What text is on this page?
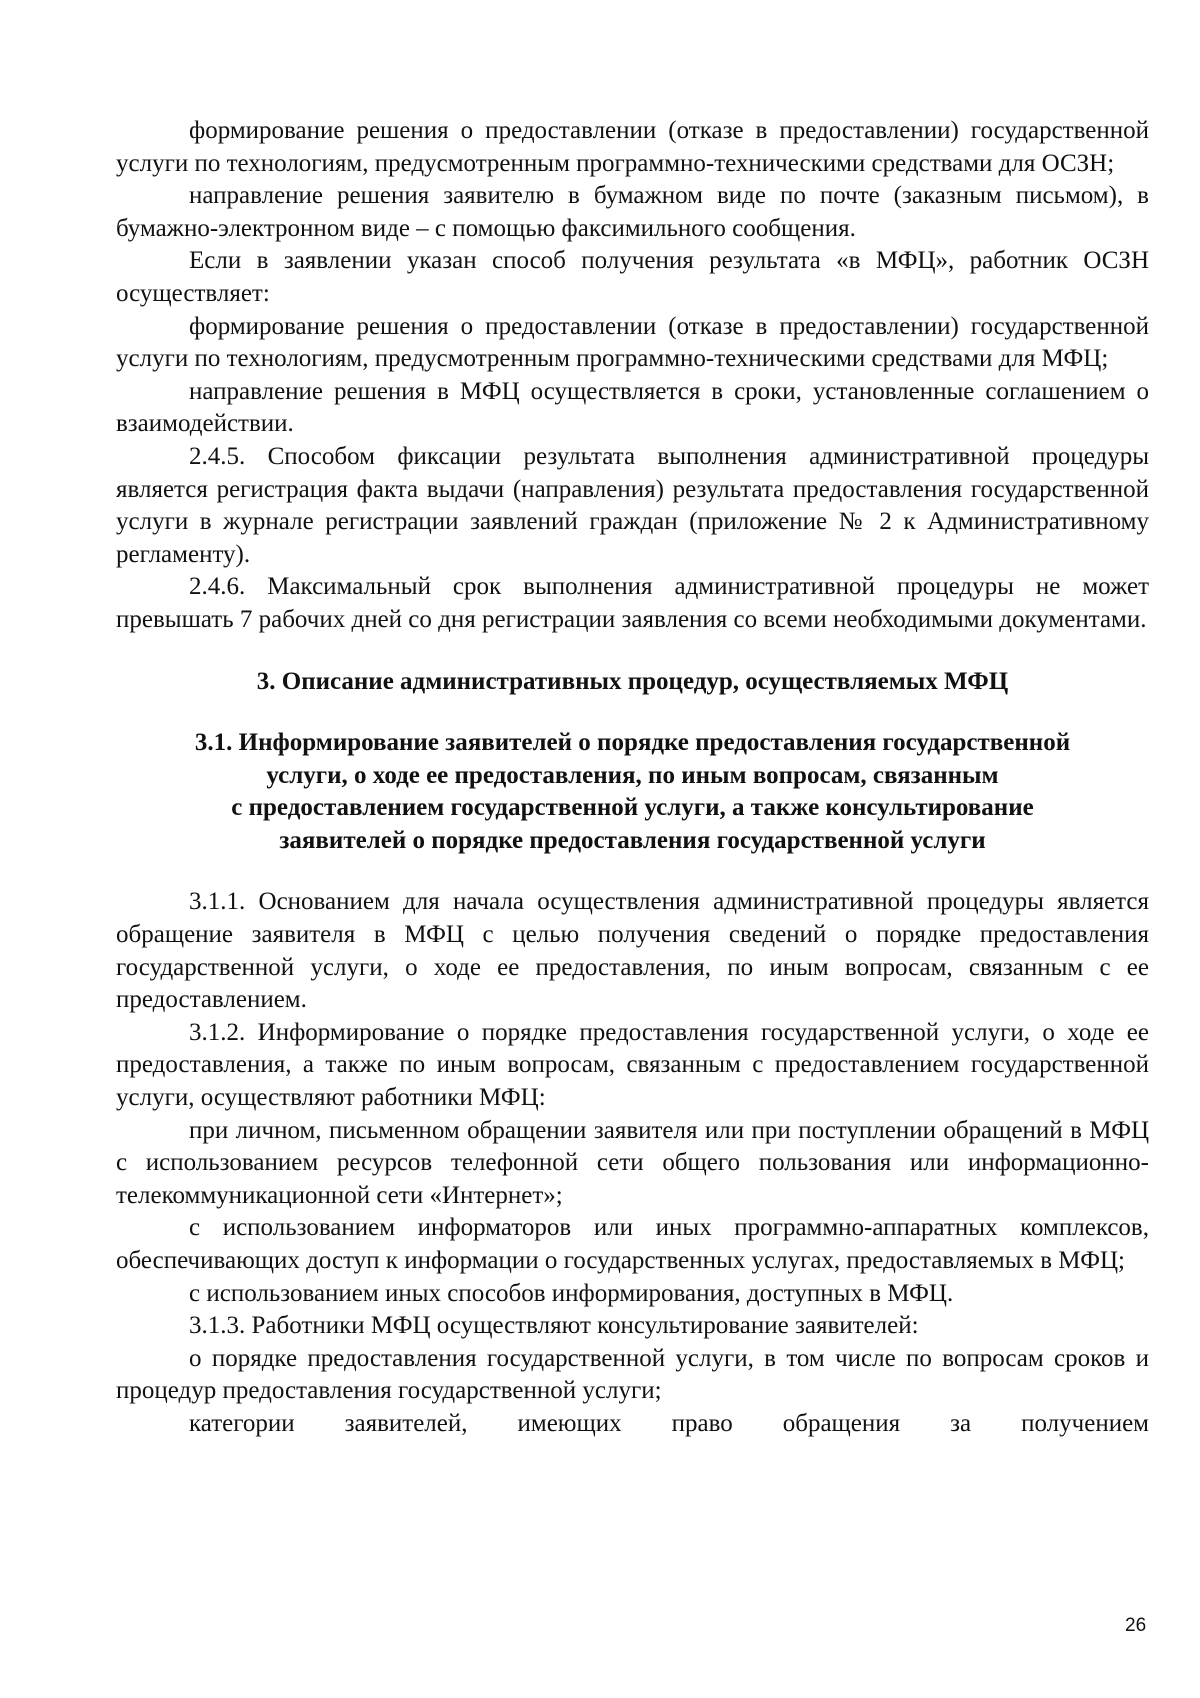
формирование решения о предоставлении (отказе в предоставлении) государственной услуги по технологиям, предусмотренным программно-техническими средствами для ОСЗН;

направление решения заявителю в бумажном виде по почте (заказным письмом), в бумажно-электронном виде – с помощью факсимильного сообщения.

Если в заявлении указан способ получения результата «в МФЦ», работник ОСЗН осуществляет:

формирование решения о предоставлении (отказе в предоставлении) государственной услуги по технологиям, предусмотренным программно-техническими средствами для МФЦ;

направление решения в МФЦ осуществляется в сроки, установленные соглашением о взаимодействии.

2.4.5. Способом фиксации результата выполнения административной процедуры является регистрация факта выдачи (направления) результата предоставления государственной услуги в журнале регистрации заявлений граждан (приложение № 2 к Административному регламенту).

2.4.6. Максимальный срок выполнения административной процедуры не может превышать 7 рабочих дней со дня регистрации заявления со всеми необходимыми документами.

3. Описание административных процедур, осуществляемых МФЦ

3.1. Информирование заявителей о порядке предоставления государственной
услуги, о ходе ее предоставления, по иным вопросам, связанным
с предоставлением государственной услуги, а также консультирование
заявителей о порядке предоставления государственной услуги

3.1.1. Основанием для начала осуществления административной процедуры является обращение заявителя в МФЦ с целью получения сведений о порядке предоставления государственной услуги, о ходе ее предоставления, по иным вопросам, связанным с ее предоставлением.

3.1.2. Информирование о порядке предоставления государственной услуги, о ходе ее предоставления, а также по иным вопросам, связанным с предоставлением государственной услуги, осуществляют работники МФЦ:

при личном, письменном обращении заявителя или при поступлении обращений в МФЦ с использованием ресурсов телефонной сети общего пользования или информационно-телекоммуникационной сети «Интернет»;

с использованием информаторов или иных программно-аппаратных комплексов, обеспечивающих доступ к информации о государственных услугах, предоставляемых в МФЦ;

с использованием иных способов информирования, доступных в МФЦ.

3.1.3. Работники МФЦ осуществляют консультирование заявителей:

о порядке предоставления государственной услуги, в том числе по вопросам сроков и процедур предоставления государственной услуги;

категории заявителей, имеющих право обращения за получением

26
